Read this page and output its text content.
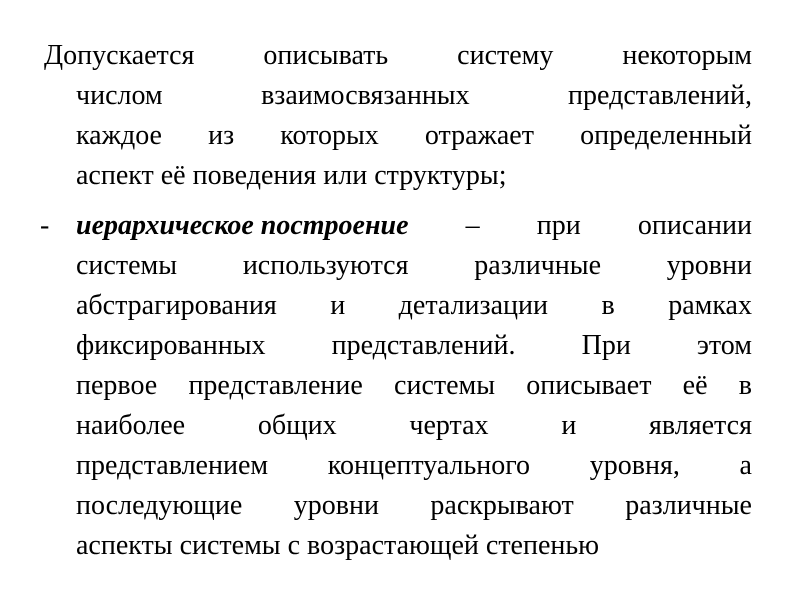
Допускается описывать систему некоторым
числом	взаимосвязанных	представлений,
каждое из которых отражает определенный
аспект её поведения или структуры;
- иерархическое построение – при описании
системы используются различные уровни
абстрагирования и детализации в рамках
фиксированных представлений. При этом
первое представление системы описывает её в
наиболее	общих	чертах	и	является
представлением концептуального уровня, а
последующие уровни раскрывают различные
аспекты системы с возрастающей степенью
